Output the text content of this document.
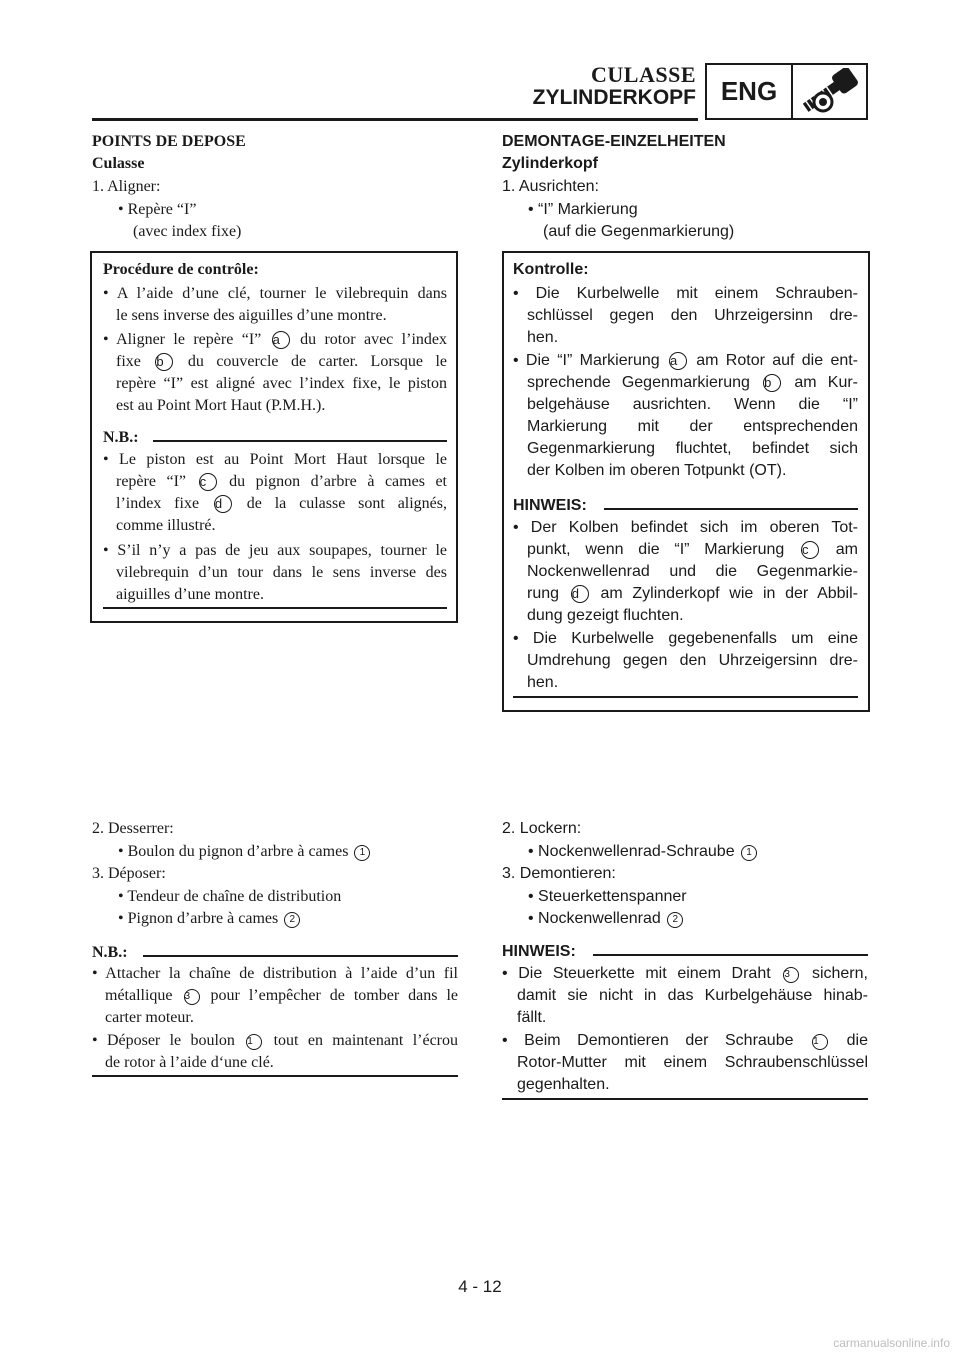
CULASSE
ZYLINDERKOPF ENG
POINTS DE DEPOSE
Culasse
1. Aligner:
• Repère “I”
(avec index fixe)
Procédure de contrôle:
• A l’aide d’une clé, tourner le vilebrequin dans
le sens inverse des aiguilles d’une montre.
• Aligner le repère “I” a du rotor avec l’index
fixe b du couvercle de carter. Lorsque le
repère “I” est aligné avec l’index fixe, le piston
est au Point Mort Haut (P.M.H.).
N.B.:
• Le piston est au Point Mort Haut lorsque le
repère “I” c du pignon d’arbre à cames et
l’index fixe d de la culasse sont alignés,
comme illustré.
• S’il n’y a pas de jeu aux soupapes, tourner le
vilebrequin d’un tour dans le sens inverse des
aiguilles d’une montre.
2. Desserrer:
• Boulon du pignon d’arbre à cames 1
3. Déposer:
• Tendeur de chaîne de distribution
• Pignon d’arbre à cames 2
N.B.:
• Attacher la chaîne de distribution à l’aide d’un fil
métallique 3 pour l’empêcher de tomber dans le
carter moteur.
• Déposer le boulon 1 tout en maintenant l’écrou
de rotor à l’aide d‘une clé.
DEMONTAGE-EINZELHEITEN
Zylinderkopf
1. Ausrichten:
• “I” Markierung
(auf die Gegenmarkierung)
Kontrolle:
• Die Kurbelwelle mit einem Schrauben-
schlüssel gegen den Uhrzeigersinn dre-
hen.
• Die “I” Markierung a am Rotor auf die ent-
sprechende Gegenmarkierung b am Kur-
belgehäuse ausrichten. Wenn die “I”
Markierung mit der entsprechenden
Gegenmarkierung fluchtet, befindet sich
der Kolben im oberen Totpunkt (OT).
HINWEIS:
• Der Kolben befindet sich im oberen Tot-
punkt, wenn die “I” Markierung c am
Nockenwellenrad und die Gegenmarkie-
rung d am Zylinderkopf wie in der Abbil-
dung gezeigt fluchten.
• Die Kurbelwelle gegebenenfalls um eine
Umdrehung gegen den Uhrzeigersinn dre-
hen.
2. Lockern:
• Nockenwellenrad-Schraube 1
3. Demontieren:
• Steuerkettenspanner
• Nockenwellenrad 2
HINWEIS:
• Die Steuerkette mit einem Draht 3 sichern,
damit sie nicht in das Kurbelgehäuse hinab-
fällt.
• Beim Demontieren der Schraube 1 die
Rotor-Mutter mit einem Schraubenschlüssel
gegenhalten.
4 - 12
carmanualsonline.info
